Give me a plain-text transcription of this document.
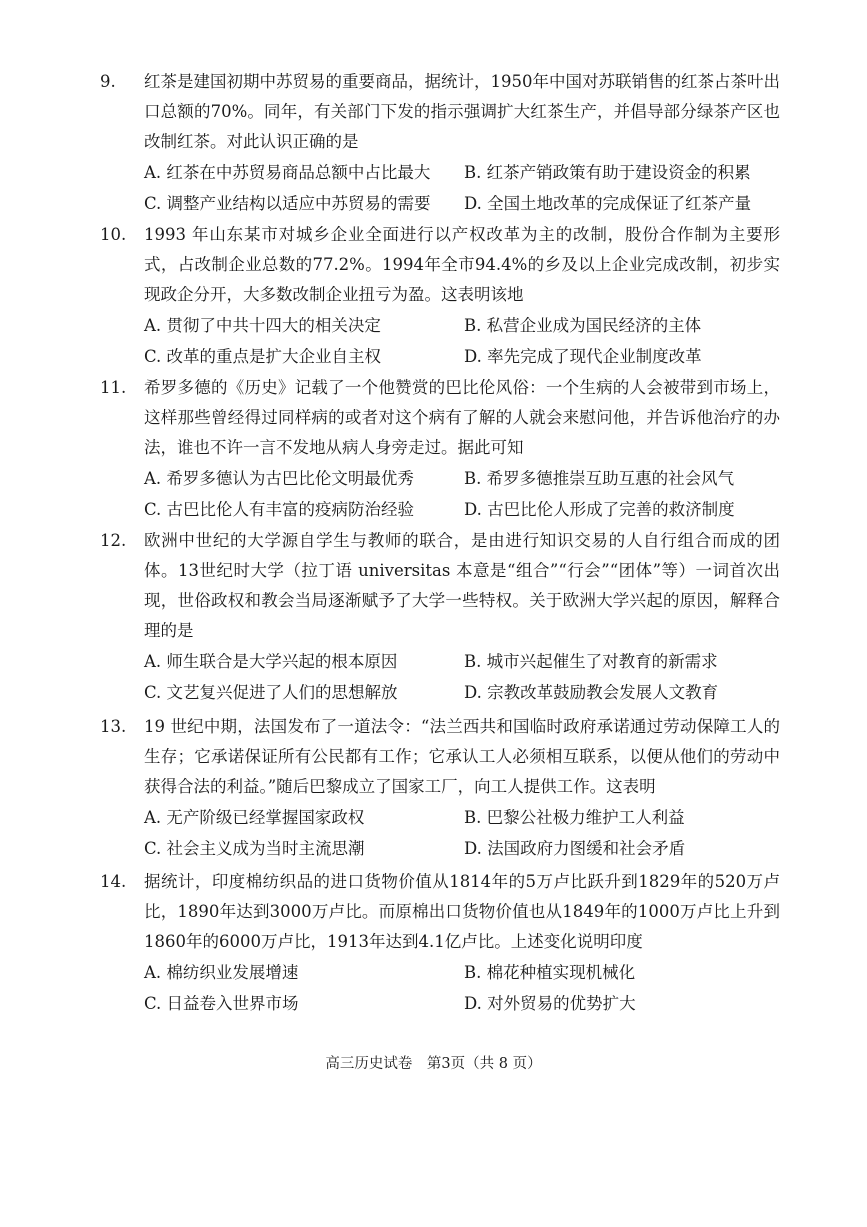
9.	红茶是建国初期中苏贸易的重要商品，据统计，1950年中国对苏联销售的红茶占茶叶出口总额的70%。同年，有关部门下发的指示强调扩大红茶生产，并倡导部分绿茶产区也改制红茶。对此认识正确的是
A. 红茶在中苏贸易商品总额中占比最大	B. 红茶产销政策有助于建设资金的积累
C. 调整产业结构以适应中苏贸易的需要	D. 全国土地改革的完成保证了红茶产量
10.	1993 年山东某市对城乡企业全面进行以产权改革为主的改制，股份合作制为主要形式，占改制企业总数的77.2%。1994年全市94.4%的乡及以上企业完成改制，初步实现政企分开，大多数改制企业扭亏为盈。这表明该地
A. 贯彻了中共十四大的相关决定	B. 私营企业成为国民经济的主体
C. 改革的重点是扩大企业自主权	D. 率先完成了现代企业制度改革
11.	希罗多德的《历史》记载了一个他赞赏的巴比伦风俗：一个生病的人会被带到市场上，这样那些曾经得过同样病的或者对这个病有了解的人就会来慰问他，并告诉他治疗的办法，谁也不许一言不发地从病人身旁走过。据此可知
A. 希罗多德认为古巴比伦文明最优秀	B. 希罗多德推崇互助互惠的社会风气
C. 古巴比伦人有丰富的疫病防治经验	D. 古巴比伦人形成了完善的救济制度
12.	欧洲中世纪的大学源自学生与教师的联合，是由进行知识交易的人自行组合而成的团体。13世纪时大学（拉丁语 universitas 本意是“组合”“行会”“团体”等）一词首次出现，世俗政权和教会当局逐渐赋予了大学一些特权。关于欧洲大学兴起的原因，解释合理的是
A. 师生联合是大学兴起的根本原因	B. 城市兴起催生了对教育的新需求
C. 文艺复兴促进了人们的思想解放	D. 宗教改革鼓励教会发展人文教育
13.	19 世纪中期，法国发布了一道法令：“法兰西共和国临时政府承诺通过劳动保障工人的生存；它承诺保证所有公民都有工作；它承认工人必须相互联系，以便从他们的劳动中获得合法的利益。”随后巴黎成立了国家工厂，向工人提供工作。这表明
A. 无产阶级已经掌握国家政权	B. 巴黎公社极力维护工人利益
C. 社会主义成为当时主流思潮	D. 法国政府力图缓和社会矛盾
14.	据统计，印度棉纺织品的进口货物价值从1814年的5万卢比跃升到1829年的520万卢比，1890年达到3000万卢比。而原棉出口货物价值也从1849年的1000万卢比上升到1860年的6000万卢比，1913年达到4.1亿卢比。上述变化说明印度
A. 棉纺织业发展增速	B. 棉花种植实现机械化
C. 日益卷入世界市场	D. 对外贸易的优势扩大
高三历史试卷　第3页（共 8 页）
